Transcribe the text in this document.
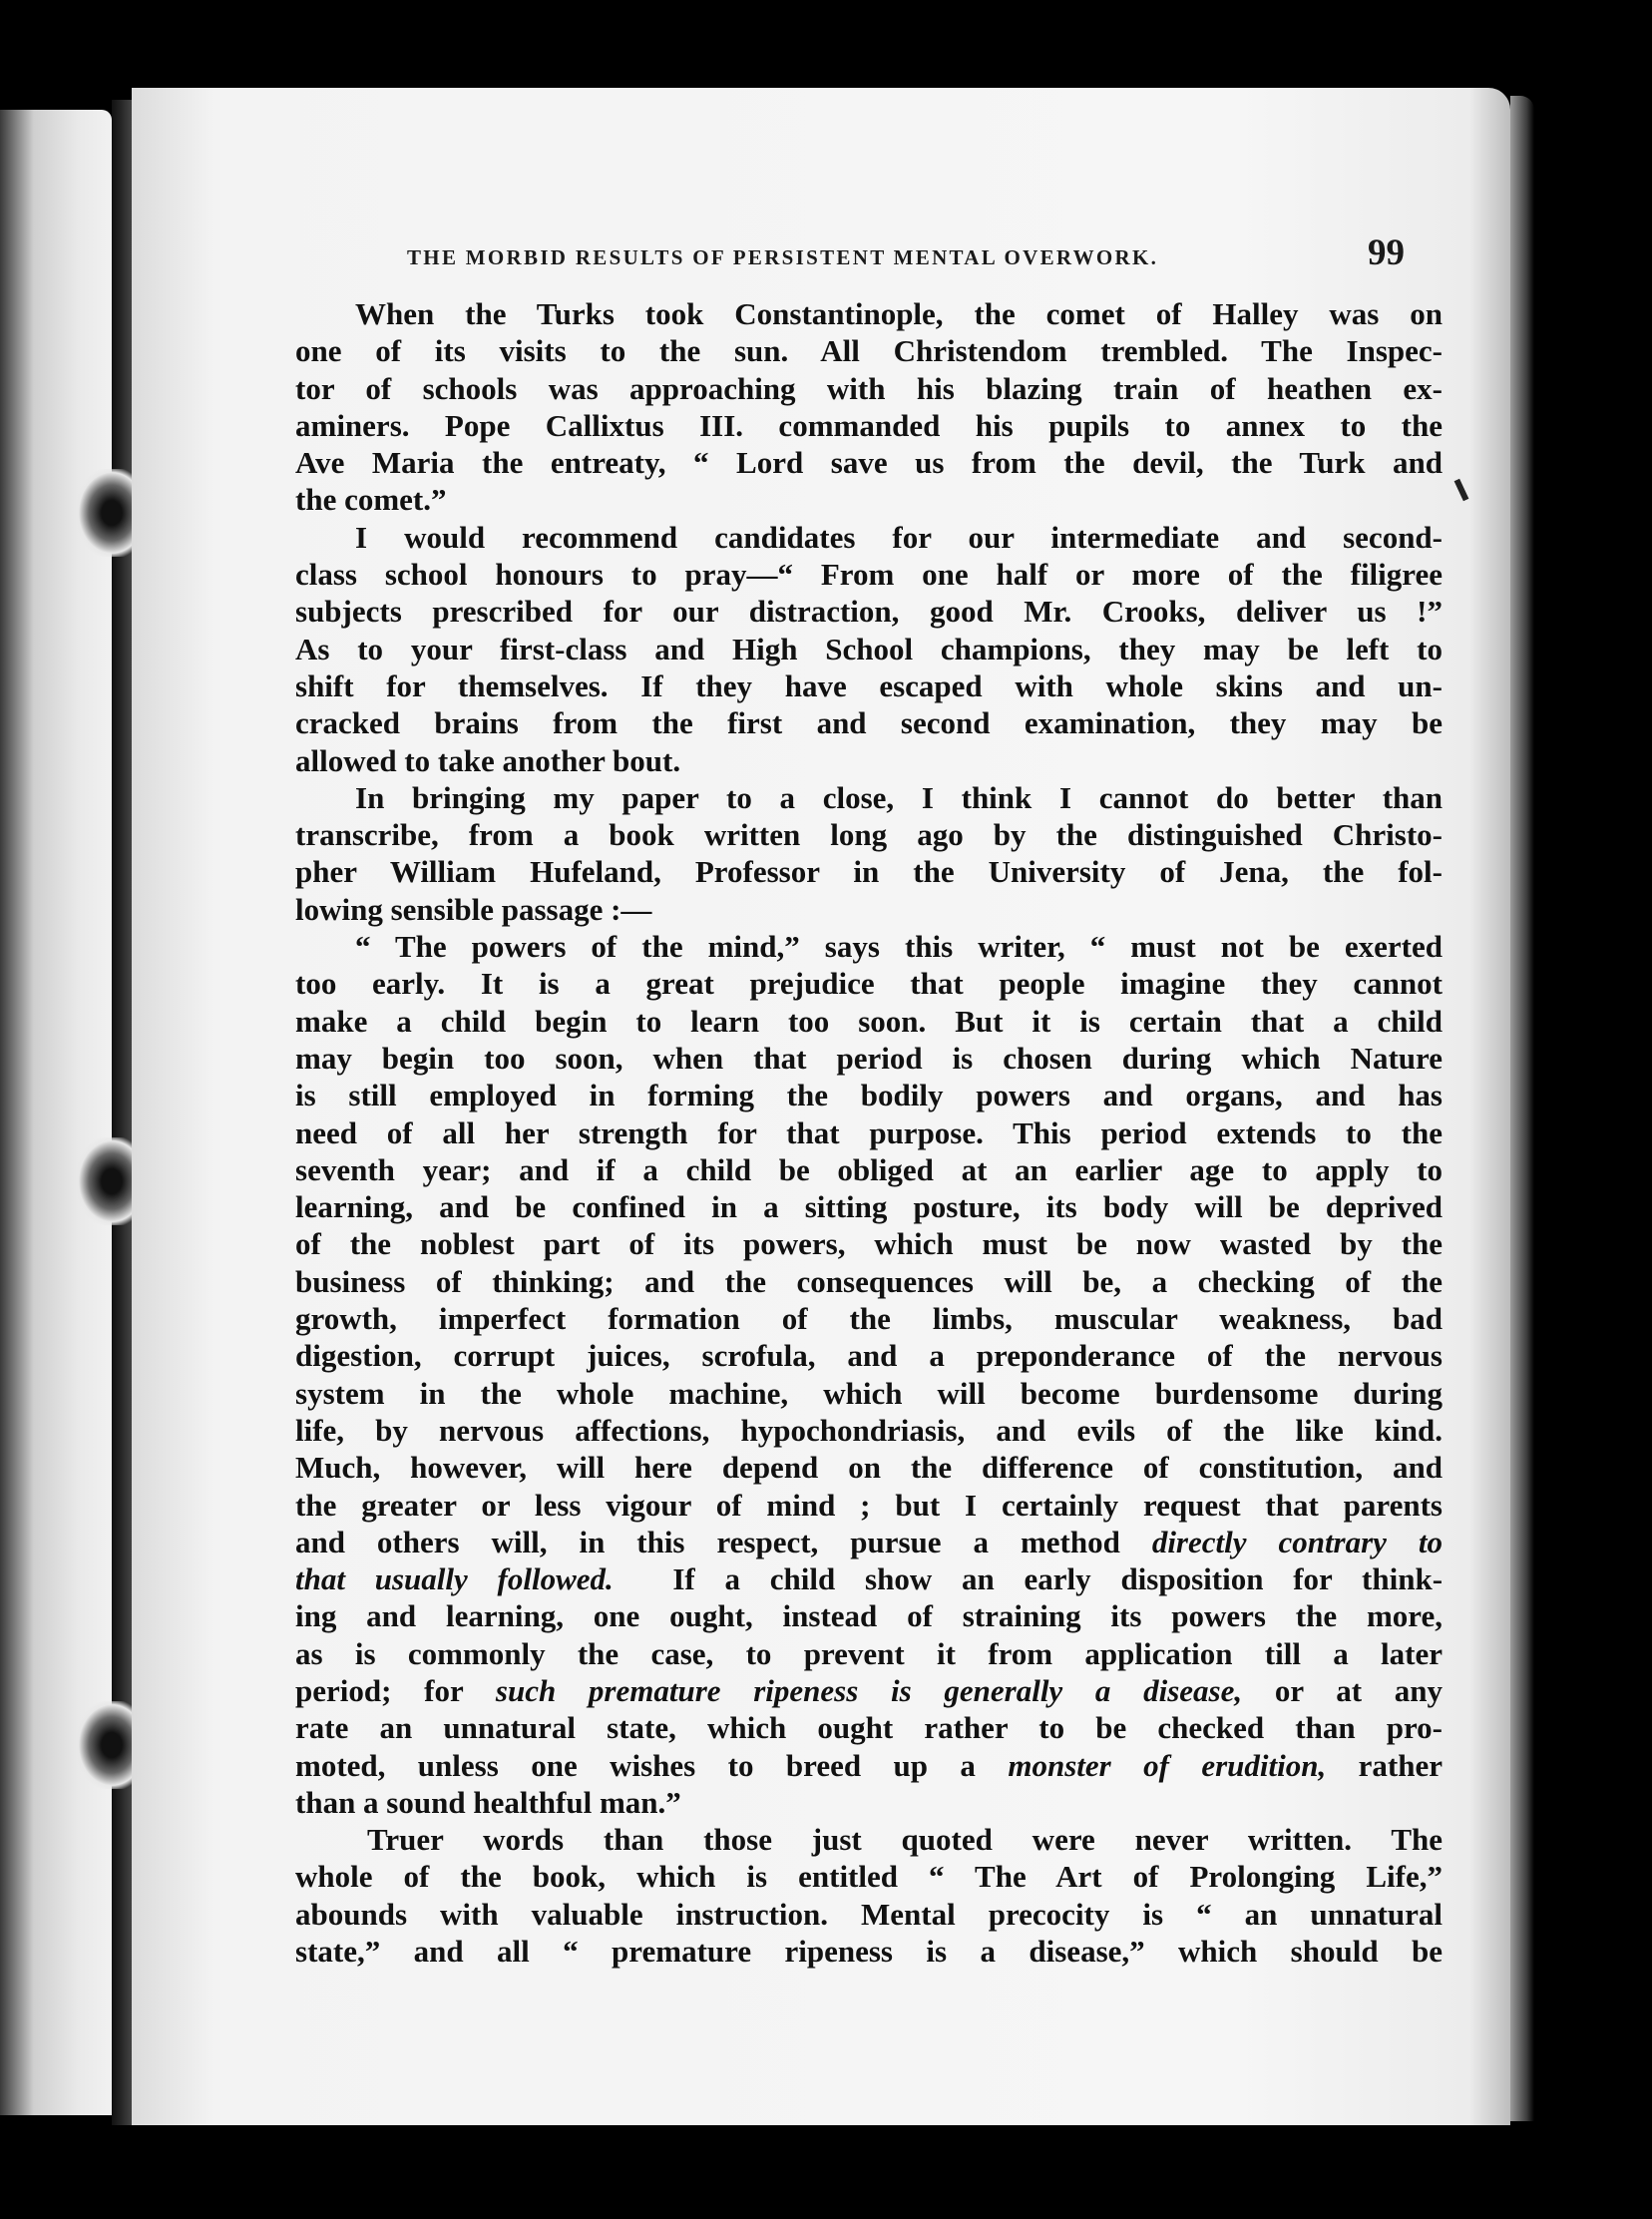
THE MORBID RESULTS OF PERSISTENT MENTAL OVERWORK.	99
When the Turks took Constantinople, the comet of Halley was on
one of its visits to the sun. All Christendom trembled. The Inspec-
tor of schools was approaching with his blazing train of heathen ex-
aminers. Pope Callixtus III. commanded his pupils to annex to the
Ave Maria the entreaty, “ Lord save us from the devil, the Turk and
the comet.”
I would recommend candidates for our intermediate and second-
class school honours to pray—“ From one half or more of the filigree
subjects prescribed for our distraction, good Mr. Crooks, deliver us !”
As to your first-class and High School champions, they may be left to
shift for themselves. If they have escaped with whole skins and un-
cracked brains from the first and second examination, they may be
allowed to take another bout.
In bringing my paper to a close, I think I cannot do better than
transcribe, from a book written long ago by the distinguished Christo-
pher William Hufeland, Professor in the University of Jena, the fol-
lowing sensible passage :—
“ The powers of the mind,” says this writer, “ must not be exerted
too early. It is a great prejudice that people imagine they cannot
make a child begin to learn too soon. But it is certain that a child
may begin too soon, when that period is chosen during which Nature
is still employed in forming the bodily powers and organs, and has
need of all her strength for that purpose. This period extends to the
seventh year; and if a child be obliged at an earlier age to apply to
learning, and be confined in a sitting posture, its body will be deprived
of the noblest part of its powers, which must be now wasted by the
business of thinking; and the consequences will be, a checking of the
growth, imperfect formation of the limbs, muscular weakness, bad
digestion, corrupt juices, scrofula, and a preponderance of the nervous
system in the whole machine, which will become burdensome during
life, by nervous affections, hypochondriasis, and evils of the like kind.
Much, however, will here depend on the difference of constitution, and
the greater or less vigour of mind ; but I certainly request that parents
and others will, in this respect, pursue a method directly contrary to
that usually followed. If a child show an early disposition for think-
ing and learning, one ought, instead of straining its powers the more,
as is commonly the case, to prevent it from application till a later
period; for such premature ripeness is generally a disease, or at any
rate an unnatural state, which ought rather to be checked than pro-
moted, unless one wishes to breed up a monster of erudition, rather
than a sound healthful man.”
Truer words than those just quoted were never written. The
whole of the book, which is entitled “ The Art of Prolonging Life,”
abounds with valuable instruction. Mental precocity is “ an unnatural
state,” and all “ premature ripeness is a disease,” which should be
